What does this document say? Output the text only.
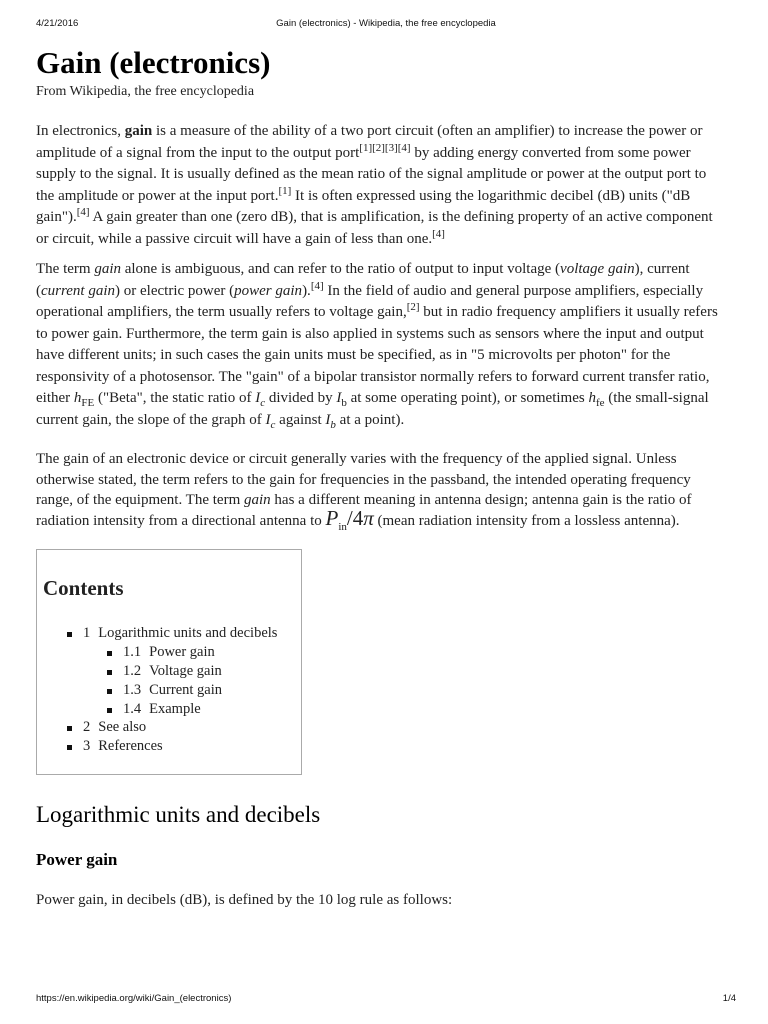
4/21/2016	Gain (electronics) - Wikipedia, the free encyclopedia
Gain (electronics)
From Wikipedia, the free encyclopedia

In electronics, gain is a measure of the ability of a two port circuit (often an amplifier) to increase the power or amplitude of a signal from the input to the output port[1][2][3][4] by adding energy converted from some power supply to the signal. It is usually defined as the mean ratio of the signal amplitude or power at the output port to the amplitude or power at the input port.[1] It is often expressed using the logarithmic decibel (dB) units ("dB gain").[4] A gain greater than one (zero dB), that is amplification, is the defining property of an active component or circuit, while a passive circuit will have a gain of less than one.[4]

The term gain alone is ambiguous, and can refer to the ratio of output to input voltage (voltage gain), current (current gain) or electric power (power gain).[4] In the field of audio and general purpose amplifiers, especially operational amplifiers, the term usually refers to voltage gain,[2] but in radio frequency amplifiers it usually refers to power gain. Furthermore, the term gain is also applied in systems such as sensors where the input and output have different units; in such cases the gain units must be specified, as in "5 microvolts per photon" for the responsivity of a photosensor. The "gain" of a bipolar transistor normally refers to forward current transfer ratio, either $h_{FE}$ ("Beta", the static ratio of $I_c$ divided by $I_b$ at some operating point), or sometimes $h_{fe}$ (the small-signal current gain, the slope of the graph of $I_c$ against $I_b$ at a point).

The gain of an electronic device or circuit generally varies with the frequency of the applied signal. Unless otherwise stated, the term refers to the gain for frequencies in the passband, the intended operating frequency range, of the equipment. The term gain has a different meaning in antenna design; antenna gain is the ratio of radiation intensity from a directional antenna to $P_{in}/4\pi$ (mean radiation intensity from a lossless antenna).

Contents
1 Logarithmic units and decibels
1.1 Power gain
1.2 Voltage gain
1.3 Current gain
1.4 Example
2 See also
3 References
Logarithmic units and decibels
Power gain

Power gain, in decibels (dB), is defined by the 10 log rule as follows:

https://en.wikipedia.org/wiki/Gain_(electronics)	1/4
